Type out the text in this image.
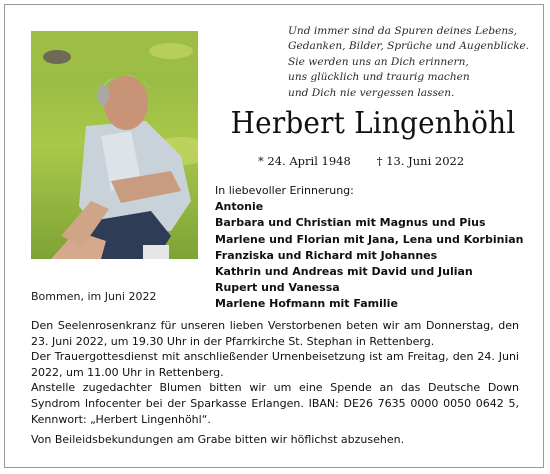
Und immer sind da Spuren deines Lebens,
Gedanken, Bilder, Sprüche und Augenblicke.
Sie werden uns an Dich erinnern,
uns glücklich und traurig machen
und Dich nie vergessen lassen.
Herbert Lingenhöhl
* 24. April 1948 † 13. Juni 2022
In liebevoller Erinnerung:
Antonie
Barbara und Christian mit Magnus und Pius
Marlene und Florian mit Jana, Lena und Korbinian
Franziska und Richard mit Johannes
Kathrin und Andreas mit David und Julian
Rupert und Vanessa
Marlene Hofmann mit Familie
Bommen, im Juni 2022

Den Seelenrosenkranz für unseren lieben Verstorbenen beten wir am Donnerstag, den 23. Juni 2022, um 19.30 Uhr in der Pfarrkirche St. Stephan in Rettenberg.

Der Trauergottesdienst mit anschließender Urnenbeisetzung ist am Freitag, den 24. Juni 2022, um 11.00 Uhr in Rettenberg.

Anstelle zugedachter Blumen bitten wir um eine Spende an das Deutsche Down Syndrom Infocenter bei der Sparkasse Erlangen. IBAN: DE26 7635 0000 0050 0642 5, Kennwort: „Herbert Lingenhöhl“.

Von Beileidsbekundungen am Grabe bitten wir höflichst abzusehen.
